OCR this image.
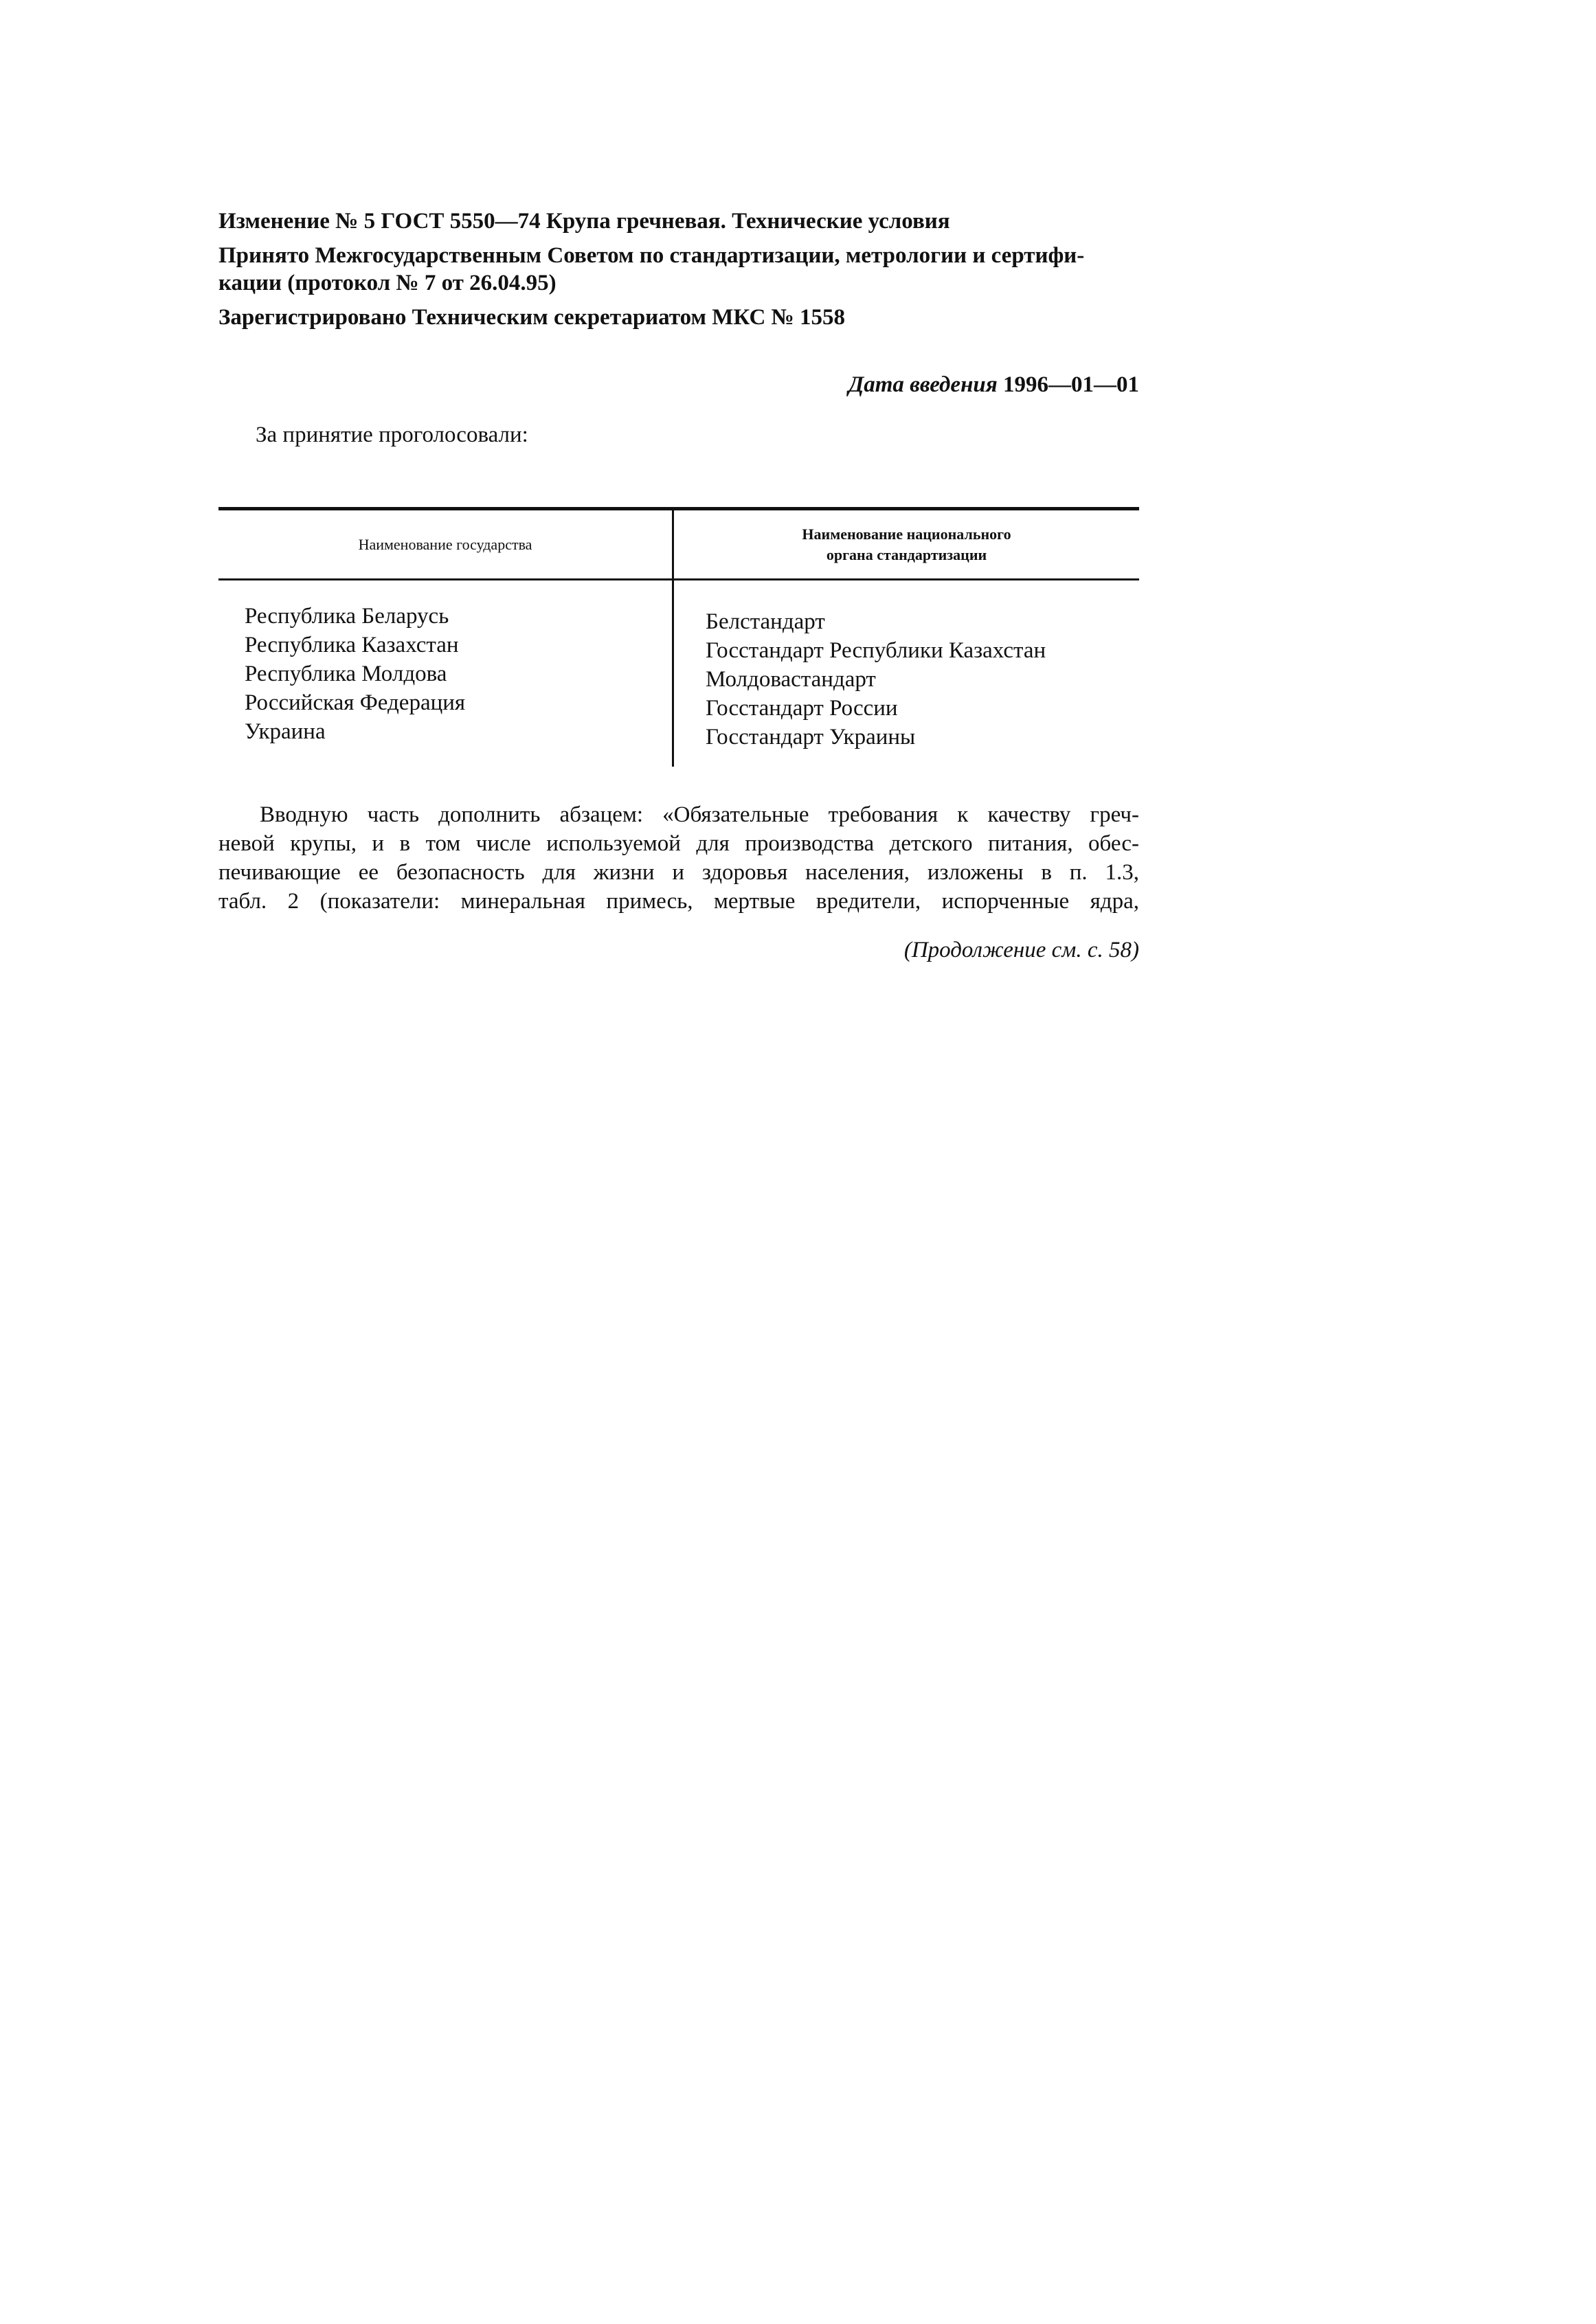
Изменение № 5 ГОСТ 5550—74 Крупа гречневая. Технические условия

Принято Межгосударственным Советом по стандартизации, метрологии и сертифи-

кации (протокол № 7 от 26.04.95)

Зарегистрировано Техническим секретариатом МКС № 1558

Дата введения 1996—01—01

За принятие проголосовали:

Наименование государства
Наименование национального
органа стандартизации
Республика Беларусь
Республика Казахстан
Республика Молдова
Российская Федерация
Украина
Белстандарт
Госстандарт Республики Казахстан
Молдовастандарт
Госстандарт России
Госстандарт Украины

Вводную часть дополнить абзацем: «Обязательные требования к качеству греч-
невой крупы, и в том числе используемой для производства детского питания, обес-
печивающие ее безопасность для жизни и здоровья населения, изложены в п. 1.3,
табл. 2 (показатели: минеральная примесь, мертвые вредители, испорченные ядра,

(Продолжение см. с. 58)
